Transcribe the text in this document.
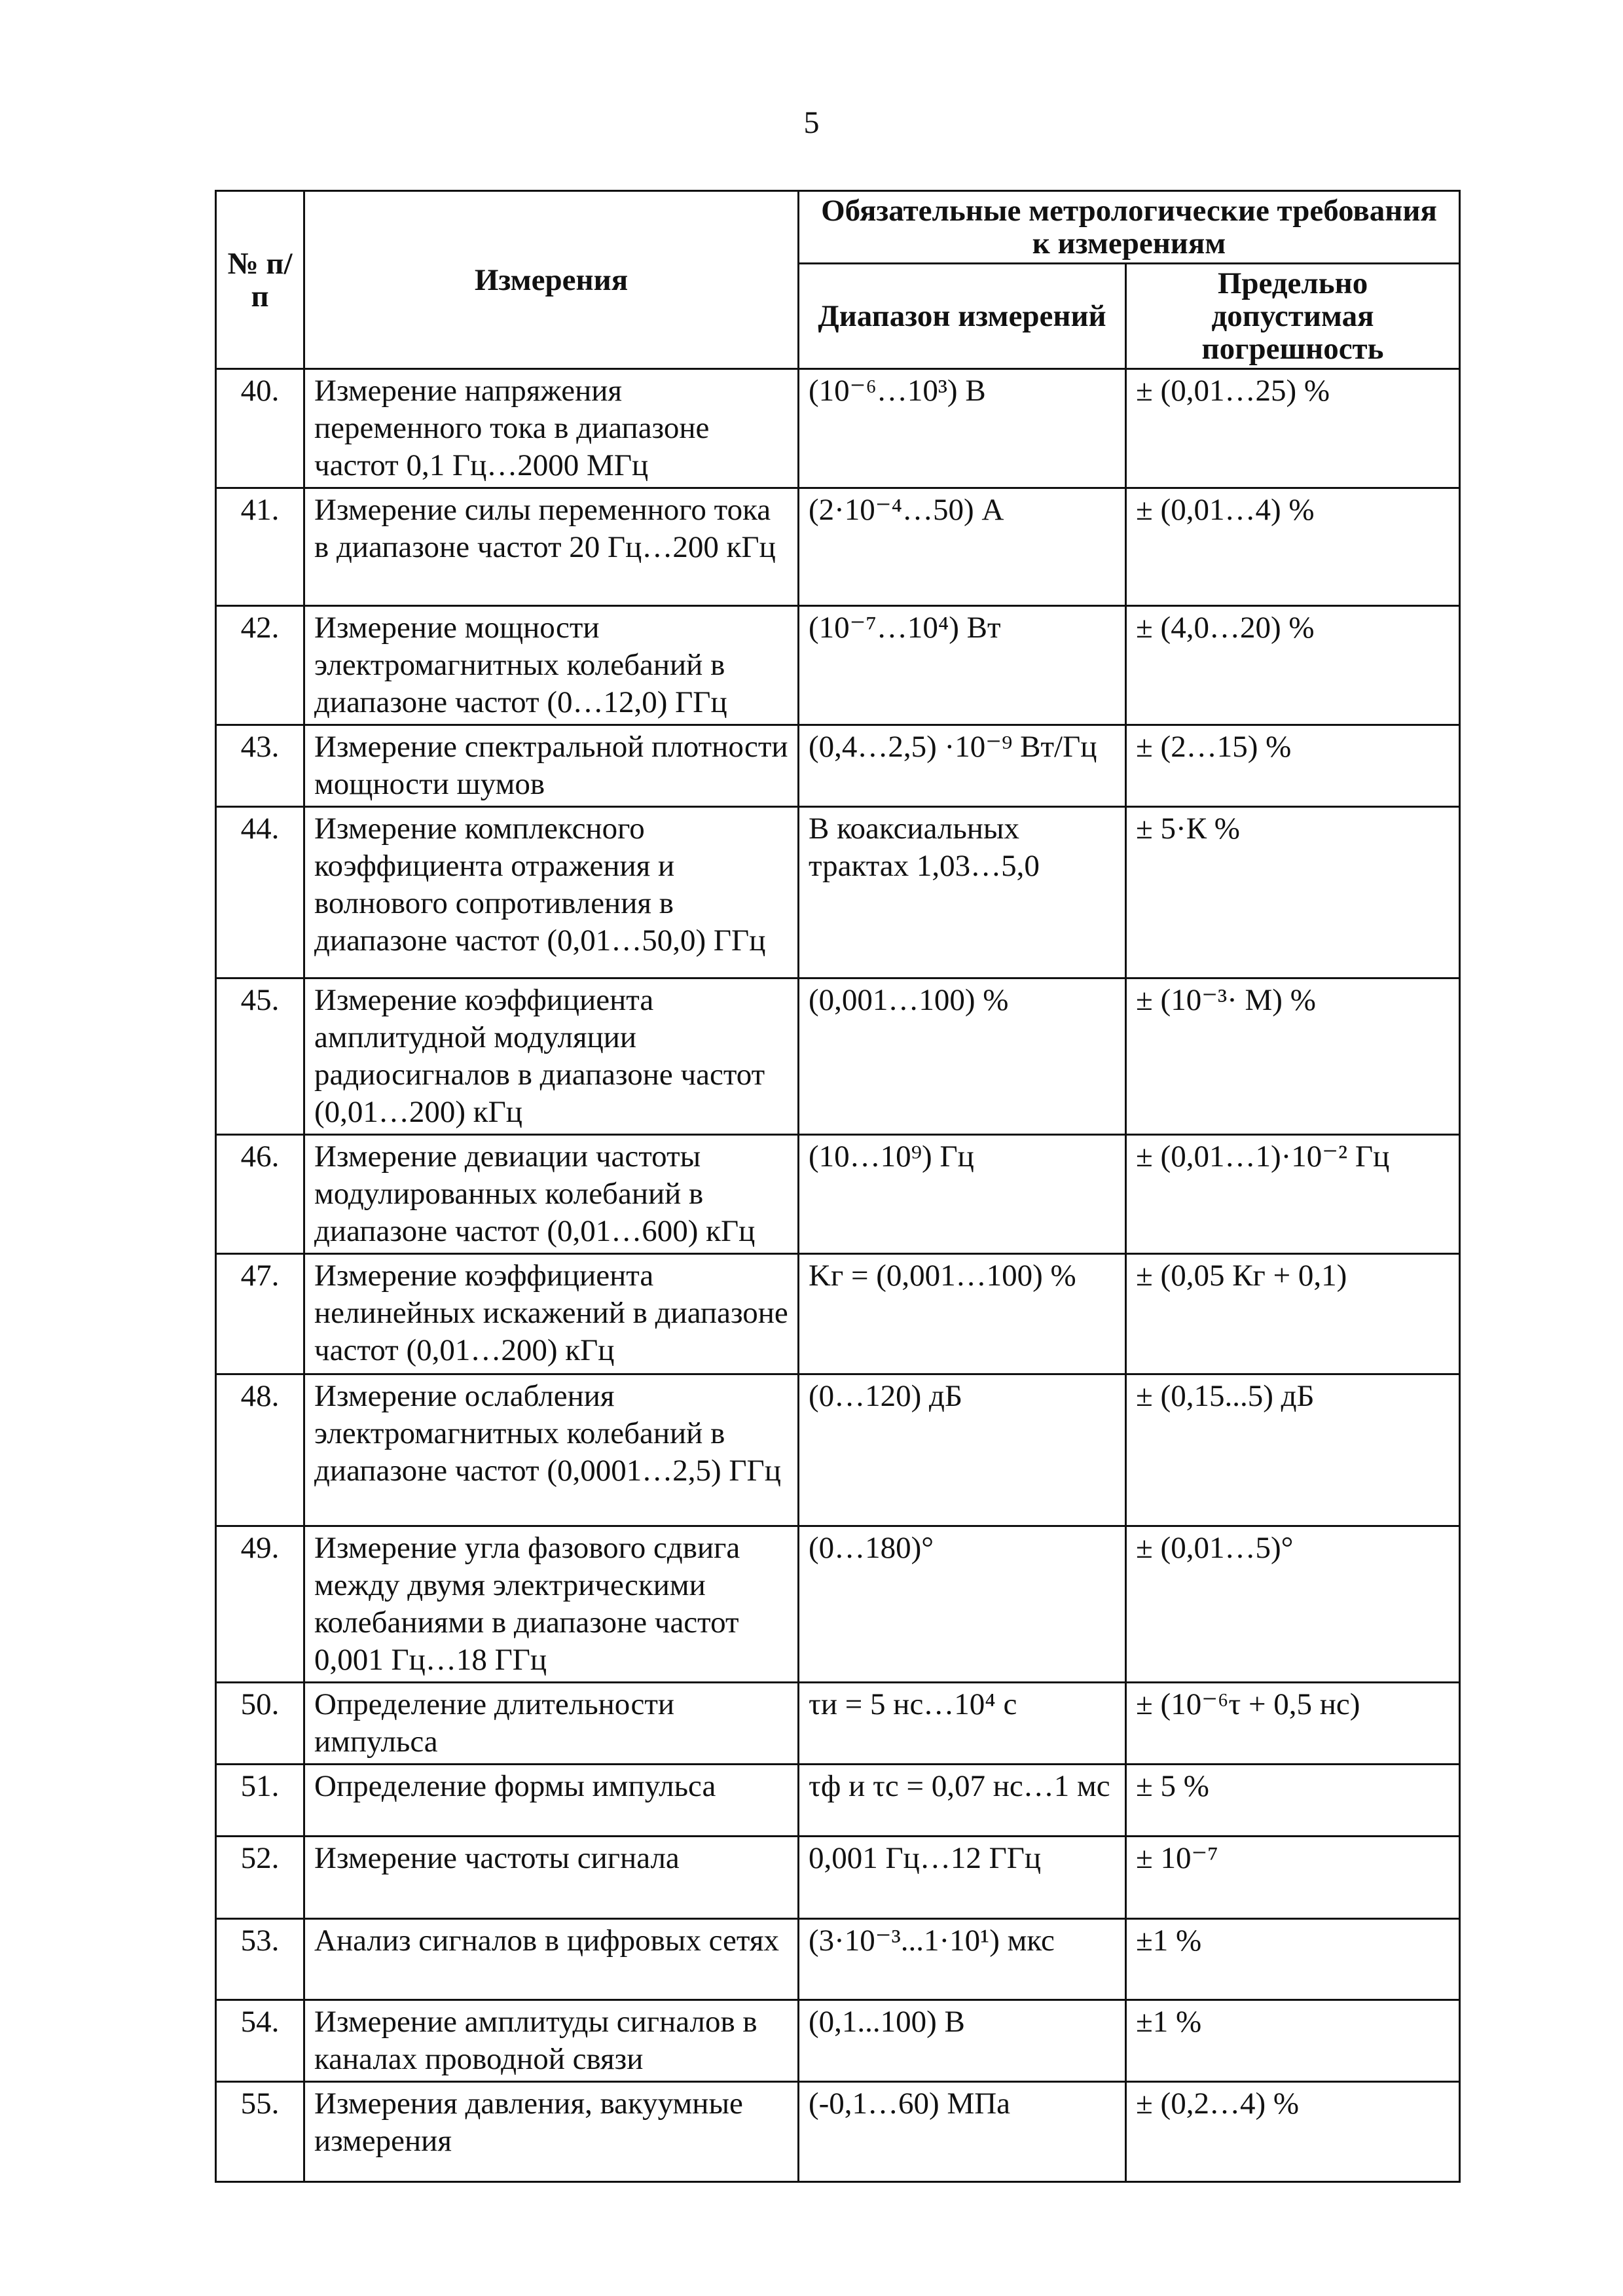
5
№ п/п	Измерения	Обязательные метрологические требования к измерениям	
		Диапазон измерений	Предельно допустимая погрешность
40.	Измерение напряжения переменного тока в диапазоне частот 0,1 Гц…2000 МГц	(10⁻⁶…10³) В	± (0,01…25) %
41.	Измерение силы переменного тока в диапазоне частот 20 Гц…200 кГц	(2·10⁻⁴…50) А	± (0,01…4) %
42.	Измерение мощности электромагнитных колебаний в диапазоне частот (0…12,0) ГГц	(10⁻⁷…10⁴) Вт	± (4,0…20) %
43.	Измерение спектральной плотности мощности шумов	(0,4…2,5) ·10⁻⁹ Вт/Гц	± (2…15) %
44.	Измерение комплексного коэффициента отражения и волнового сопротивления в диапазоне частот (0,01…50,0) ГГц	В коаксиальных трактах 1,03…5,0	± 5·К %
45.	Измерение коэффициента амплитудной модуляции радиосигналов в диапазоне частот (0,01…200) кГц	(0,001…100) %	± (10⁻³· М) %
46.	Измерение девиации частоты модулированных колебаний в диапазоне частот (0,01…600) кГц	(10…10⁹) Гц	± (0,01…1)·10⁻² Гц
47.	Измерение коэффициента нелинейных искажений в диапазоне частот (0,01…200) кГц	Kг = (0,001…100) %	± (0,05 Кг + 0,1)
48.	Измерение ослабления электромагнитных колебаний в диапазоне частот (0,0001…2,5) ГГц	(0…120) дБ	± (0,15...5) дБ
49.	Измерение угла фазового сдвига между двумя электрическими колебаниями в диапазоне частот 0,001 Гц…18 ГГц	(0…180)°	± (0,01…5)°
50.	Определение длительности импульса	τи = 5 нс…10⁴ с	± (10⁻⁶τ + 0,5 нс)
51.	Определение формы импульса	τф и τс = 0,07 нс…1 мс	± 5 %
52.	Измерение частоты сигнала	0,001 Гц…12 ГГц	± 10⁻⁷
53.	Анализ сигналов в цифровых сетях	(3·10⁻³...1·10¹) мкс	±1 %
54.	Измерение амплитуды сигналов в каналах проводной связи	(0,1...100) В	±1 %
55.	Измерения давления, вакуумные измерения	(-0,1…60) МПа	± (0,2…4) %
